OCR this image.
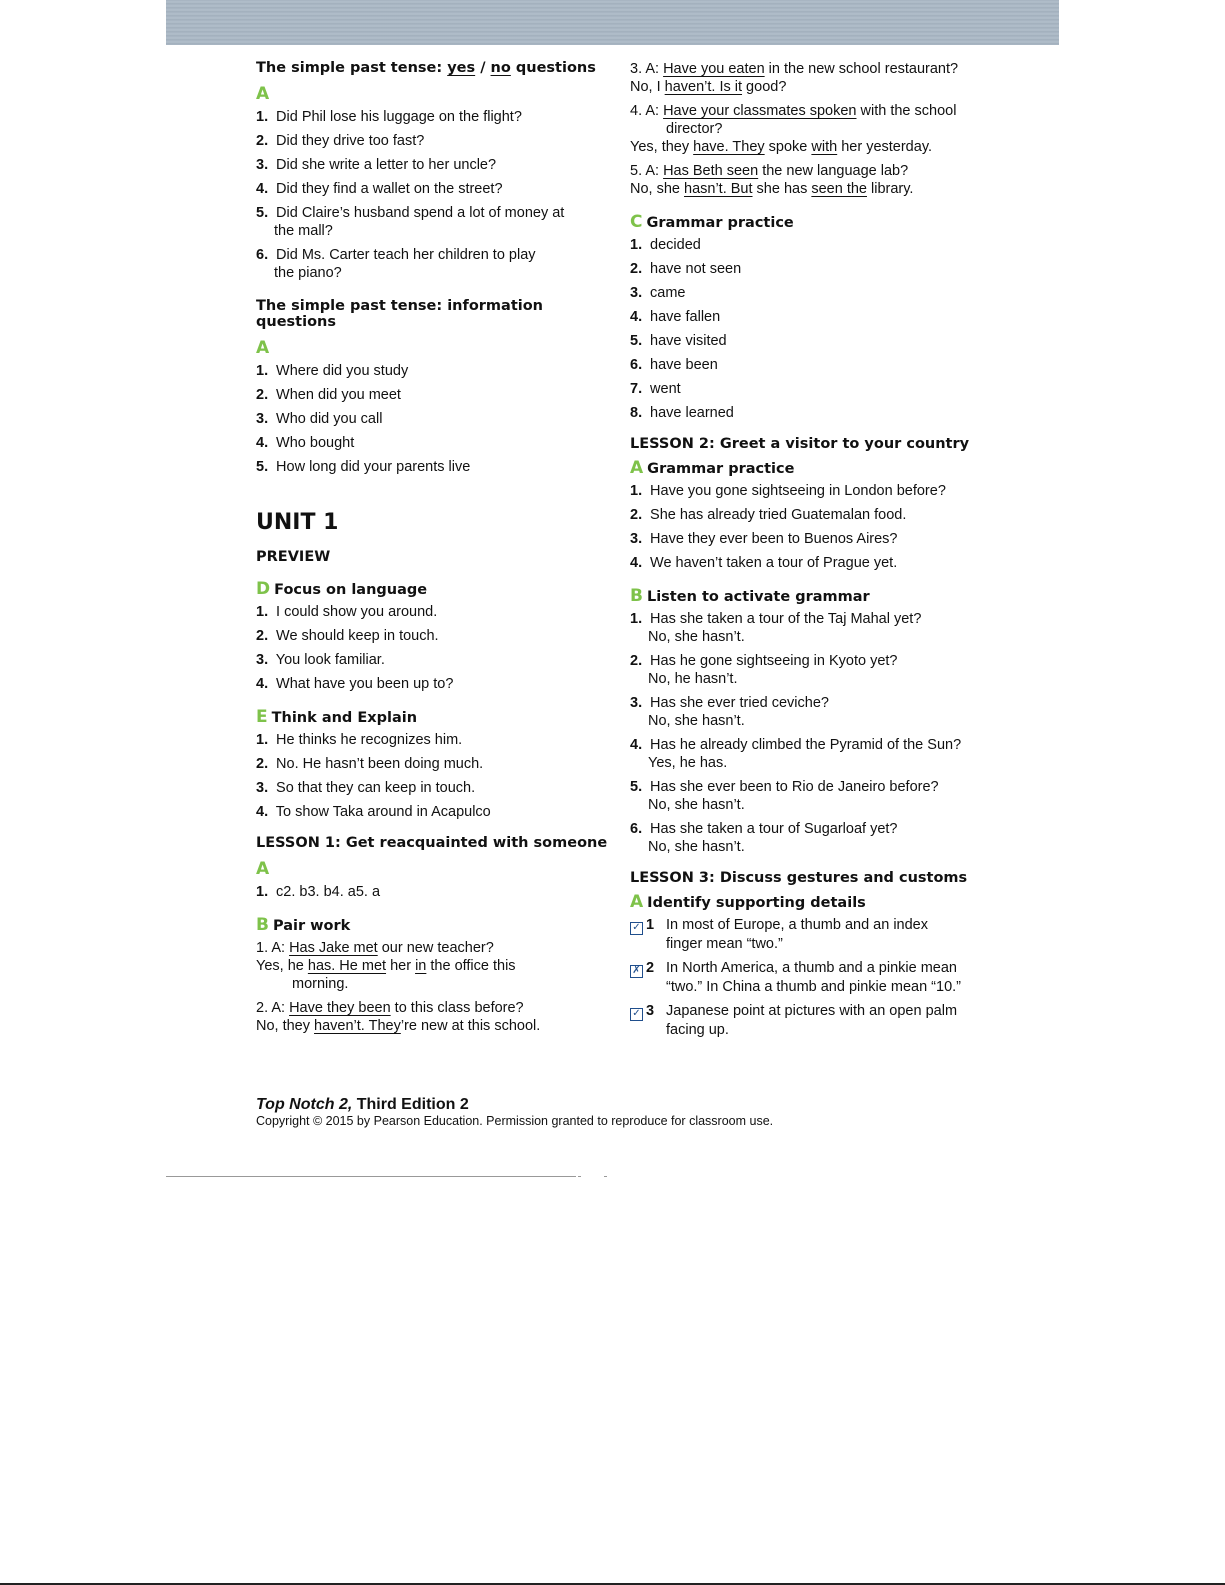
The simple past tense: yes / no questions
A
1. Did Phil lose his luggage on the flight?
2. Did they drive too fast?
3. Did she write a letter to her uncle?
4. Did they find a wallet on the street?
5. Did Claire’s husband spend a lot of money at
the mall?
6. Did Ms. Carter teach her children to play
the piano?
The simple past tense: information questions
A
1. Where did you study
2. When did you meet
3. Who did you call
4. Who bought
5. How long did your parents live
UNIT 1
PREVIEW
D Focus on language
1. I could show you around.
2. We should keep in touch.
3. You look familiar.
4. What have you been up to?
E Think and Explain
1. He thinks he recognizes him.
2. No. He hasn’t been doing much.
3. So that they can keep in touch.
4. To show Taka around in Acapulco
LESSON 1: Get reacquainted with someone
A
1. c2. b3. b4. a5. a
B Pair work
1. A: Has Jake met our new teacher?
Yes, he has. He met her in the office this
morning.
2. A: Have they been to this class before?
No, they haven’t. They’re new at this school.
3. A: Have you eaten in the new school restaurant?
No, I haven’t. Is it good?
4. A: Have your classmates spoken with the school
director?
Yes, they have. They spoke with her yesterday.
5. A: Has Beth seen the new language lab?
No, she hasn’t. But she has seen the library.
C Grammar practice
1. decided
2. have not seen
3. came
4. have fallen
5. have visited
6. have been
7. went
8. have learned
LESSON 2: Greet a visitor to your country
A Grammar practice
1. Have you gone sightseeing in London before?
2. She has already tried Guatemalan food.
3. Have they ever been to Buenos Aires?
4. We haven’t taken a tour of Prague yet.
B Listen to activate grammar
1. Has she taken a tour of the Taj Mahal yet?
No, she hasn’t.
2. Has he gone sightseeing in Kyoto yet?
No, he hasn’t.
3. Has she ever tried ceviche?
No, she hasn’t.
4. Has he already climbed the Pyramid of the Sun?
Yes, he has.
5. Has she ever been to Rio de Janeiro before?
No, she hasn’t.
6. Has she taken a tour of Sugarloaf yet?
No, she hasn’t.
LESSON 3: Discuss gestures and customs
A Identify supporting details
✓ 1 In most of Europe, a thumb and an index
finger mean “two.”
✗ 2 In North America, a thumb and a pinkie mean
“two.” In China a thumb and pinkie mean “10.”
✓ 3 Japanese point at pictures with an open palm
facing up.
Top Notch 2, Third Edition 2
Copyright © 2015 by Pearson Education. Permission granted to reproduce for classroom use.
